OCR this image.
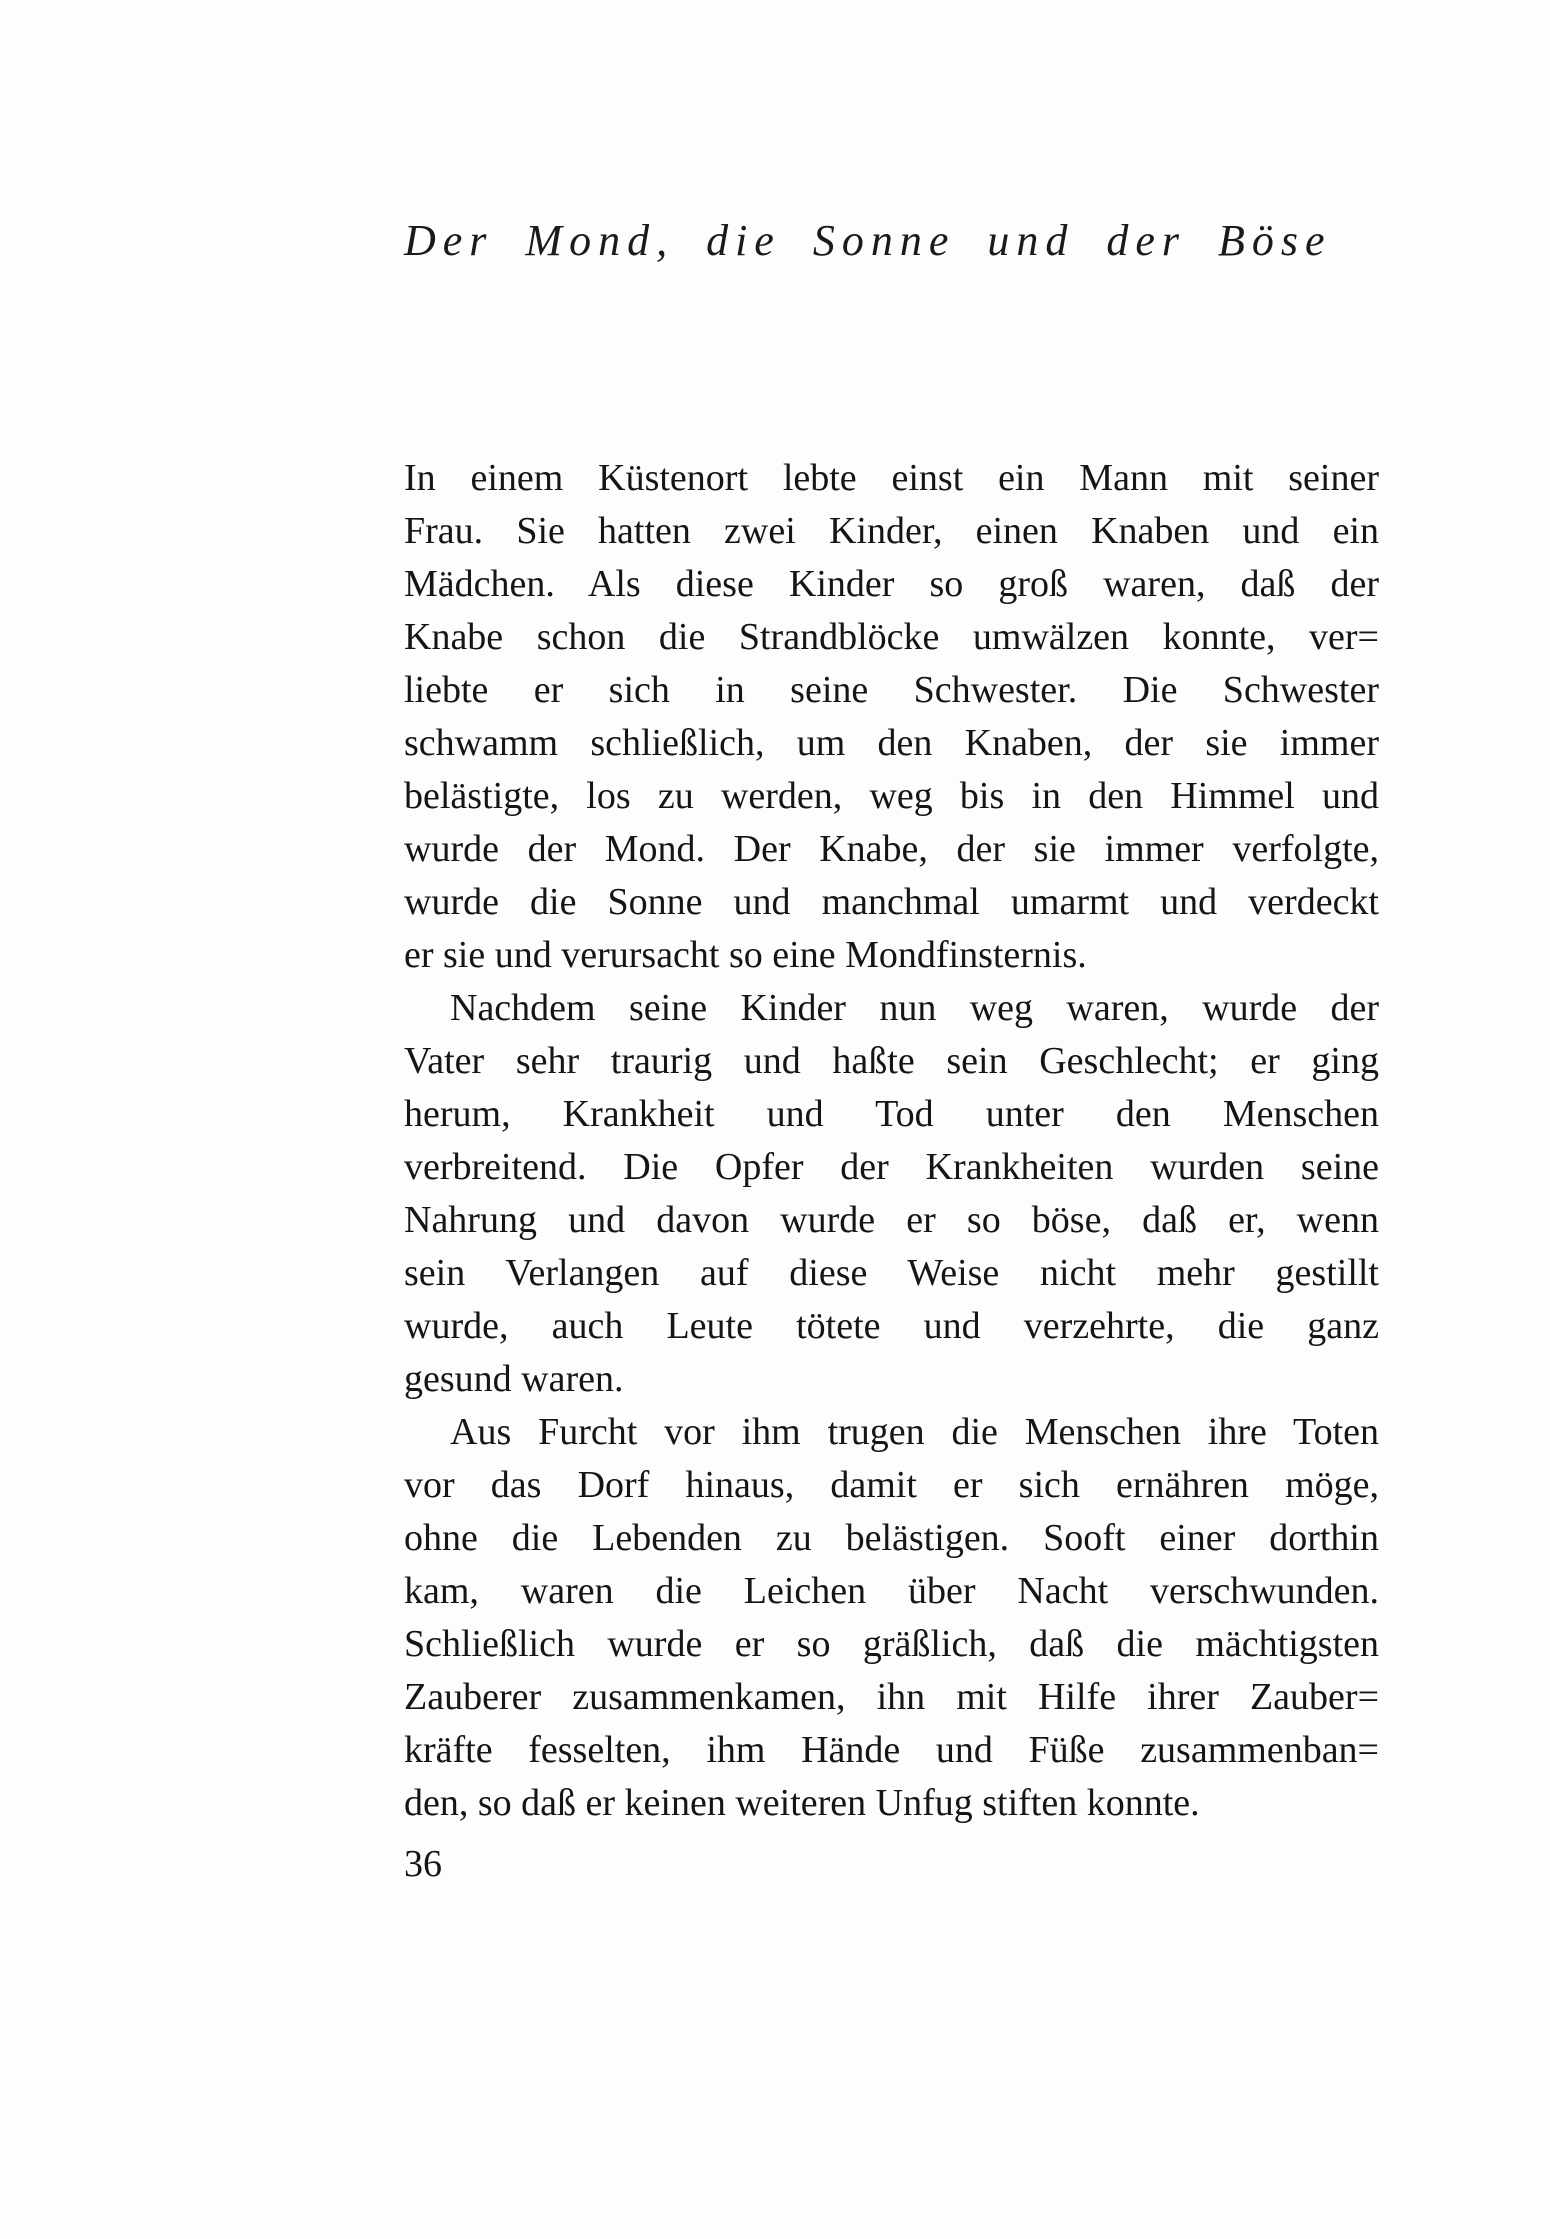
Der Mond, die Sonne und der Böse
In einem Küstenort lebte einst ein Mann mit seiner
Frau. Sie hatten zwei Kinder, einen Knaben und ein
Mädchen. Als diese Kinder so groß waren, daß der
Knabe schon die Strandblöcke umwälzen konnte, ver=
liebte er sich in seine Schwester. Die Schwester
schwamm schließlich, um den Knaben, der sie immer
belästigte, los zu werden, weg bis in den Himmel und
wurde der Mond. Der Knabe, der sie immer verfolgte,
wurde die Sonne und manchmal umarmt und verdeckt
er sie und verursacht so eine Mondfinsternis.
Nachdem seine Kinder nun weg waren, wurde der
Vater sehr traurig und haßte sein Geschlecht; er ging
herum, Krankheit und Tod unter den Menschen
verbreitend. Die Opfer der Krankheiten wurden seine
Nahrung und davon wurde er so böse, daß er, wenn
sein Verlangen auf diese Weise nicht mehr gestillt
wurde, auch Leute tötete und verzehrte, die ganz
gesund waren.
Aus Furcht vor ihm trugen die Menschen ihre Toten
vor das Dorf hinaus, damit er sich ernähren möge,
ohne die Lebenden zu belästigen. Sooft einer dorthin
kam, waren die Leichen über Nacht verschwunden.
Schließlich wurde er so gräßlich, daß die mächtigsten
Zauberer zusammenkamen, ihn mit Hilfe ihrer Zauber=
kräfte fesselten, ihm Hände und Füße zusammenban=
den, so daß er keinen weiteren Unfug stiften konnte.
36
